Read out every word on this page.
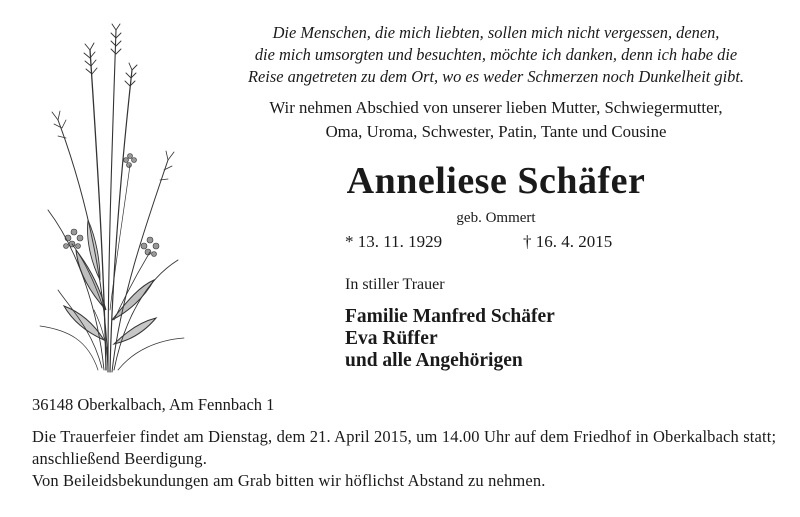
Die Menschen, die mich liebten, sollen mich nicht vergessen, denen,
die mich umsorgten und besuchten, möchte ich danken, denn ich habe die
Reise angetreten zu dem Ort, wo es weder Schmerzen noch Dunkelheit gibt.
Wir nehmen Abschied von unserer lieben Mutter, Schwiegermutter,
Oma, Uroma, Schwester, Patin, Tante und Cousine
Anneliese Schäfer
geb. Ommert
* 13. 11. 1929	† 16. 4. 2015
In stiller Trauer
Familie Manfred Schäfer
Eva Rüffer
und alle Angehörigen
36148 Oberkalbach, Am Fennbach 1

Die Trauerfeier findet am Dienstag, dem 21. April 2015, um 14.00 Uhr auf dem Friedhof in Oberkalbach statt; anschließend Beerdigung.

Von Beileidsbekundungen am Grab bitten wir höflichst Abstand zu nehmen.
